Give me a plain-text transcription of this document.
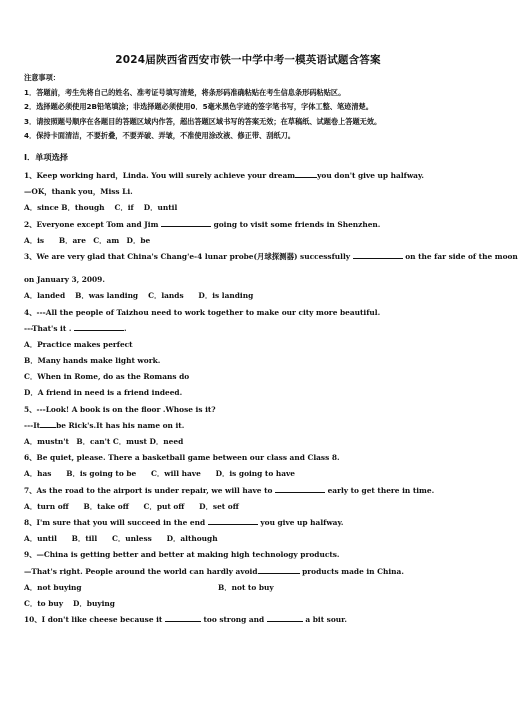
2024届陕西省西安市铁一中学中考一模英语试题含答案
注意事项：
1．答题前，考生先将自己的姓名、准考证号填写清楚，将条形码准确粘贴在考生信息条形码粘贴区。
2．选择题必须使用2B铅笔填涂；非选择题必须使用0．5毫米黑色字迹的签字笔书写，字体工整、笔迹清楚。
3．请按照题号顺序在各题目的答题区域内作答，超出答题区域书写的答案无效；在草稿纸、试题卷上答题无效。
4．保持卡面清洁，不要折叠，不要弄破、弄皱，不准使用涂改液、修正带、刮纸刀。
Ⅰ．单项选择
1、Keep working hard，Linda. You will surely achieve your dream	you don't give up halfway.
—OK，thank you，Miss Li.
A．since B．though　 C．if　 D．until
2、Everyone except Tom and Jim	going to visit some friends in Shenzhen.
A．is　　B．are　C．am　D．be
3、We are very glad that China's Chang'e-4 lunar probe(月球探测器) successfully	on the far side of the moon
on January 3, 2009.
A．landed　 B．was landing　 C．lands　　D．is landing
4、---All the people of Taizhou need to work together to make our city more beautiful.
---That's it .	.
A．Practice makes perfect
B．Many hands make light work.
C．When in Rome, do as the Romans do
D．A friend in need is a friend indeed.
5、---Look! A book is on the floor .Whose is it?
---It be Rick's.It has his name on it.
A．mustn't　B．can't C．must D．need
6、Be quiet, please. There a basketball game between our class and Class 8.
A．has　　B．is going to be　　C．will have　　D．is going to have
7、As the road to the airport is under repair, we will have to	early to get there in time.
A．turn off　　B．take off　　C．put off　　D．set off
8、I'm sure that you will succeed in the end	you give up halfway.
A．until　　B．till　　C．unless　　D．although
9、—China is getting better and better at making high technology products.
—That's right. People around the world can hardly avoid	products made in China.
A．not buying	B．not to buy
C．to buy　 D．buying
10、I don't like cheese because it	too strong and	a bit sour.
